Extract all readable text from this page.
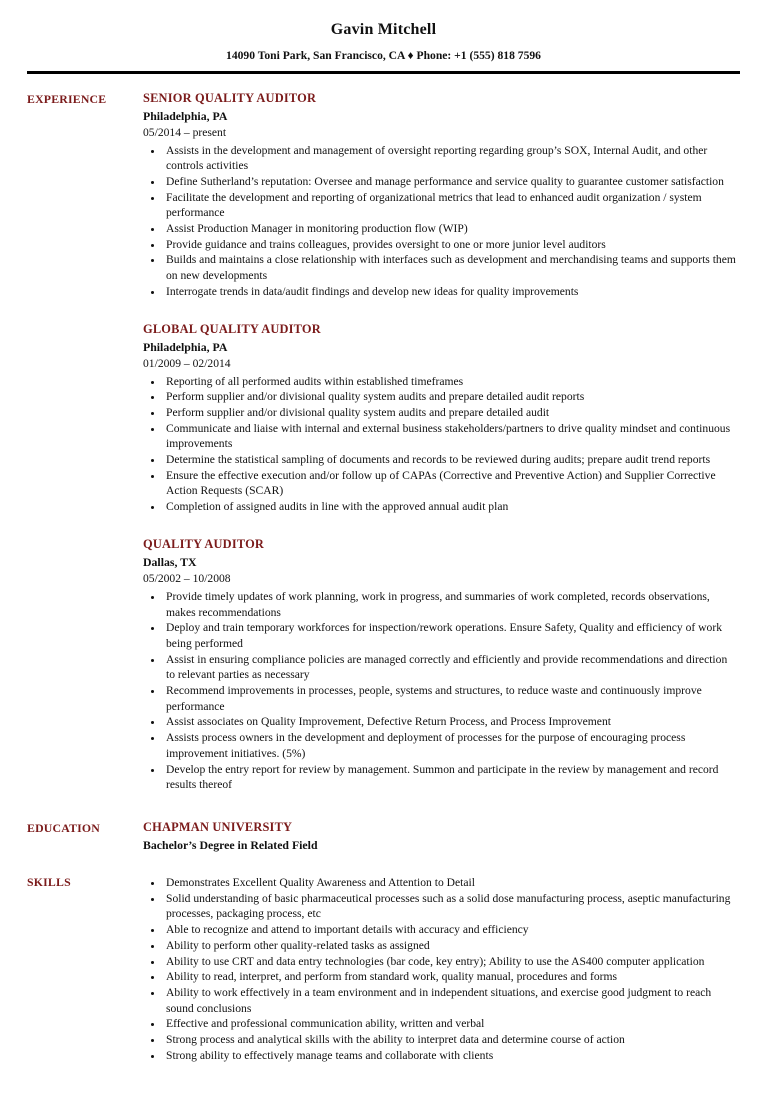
Gavin Mitchell
14090 Toni Park, San Francisco, CA ♦ Phone: +1 (555) 818 7596
EXPERIENCE	SENIOR QUALITY AUDITOR
Philadelphia, PA
05/2014 – present
• Assists in the development and management of oversight reporting regarding group’s SOX, Internal Audit, and other controls activities
• Define Sutherland’s reputation: Oversee and manage performance and service quality to guarantee customer satisfaction
• Facilitate the development and reporting of organizational metrics that lead to enhanced audit organization / system performance
• Assist Production Manager in monitoring production flow (WIP)
• Provide guidance and trains colleagues, provides oversight to one or more junior level auditors
• Builds and maintains a close relationship with interfaces such as development and merchandising teams and supports them on new developments
• Interrogate trends in data/audit findings and develop new ideas for quality improvements
GLOBAL QUALITY AUDITOR
Philadelphia, PA
01/2009 – 02/2014
• Reporting of all performed audits within established timeframes
• Perform supplier and/or divisional quality system audits and prepare detailed audit reports
• Perform supplier and/or divisional quality system audits and prepare detailed audit
• Communicate and liaise with internal and external business stakeholders/partners to drive quality mindset and continuous improvements
• Determine the statistical sampling of documents and records to be reviewed during audits; prepare audit trend reports
• Ensure the effective execution and/or follow up of CAPAs (Corrective and Preventive Action) and Supplier Corrective Action Requests (SCAR)
• Completion of assigned audits in line with the approved annual audit plan
QUALITY AUDITOR
Dallas, TX
05/2002 – 10/2008
• Provide timely updates of work planning, work in progress, and summaries of work completed, records observations, makes recommendations
• Deploy and train temporary workforces for inspection/rework operations. Ensure Safety, Quality and efficiency of work being performed
• Assist in ensuring compliance policies are managed correctly and efficiently and provide recommendations and direction to relevant parties as necessary
• Recommend improvements in processes, people, systems and structures, to reduce waste and continuously improve performance
• Assist associates on Quality Improvement, Defective Return Process, and Process Improvement
• Assists process owners in the development and deployment of processes for the purpose of encouraging process improvement initiatives. (5%)
• Develop the entry report for review by management. Summon and participate in the review by management and record results thereof
EDUCATION	CHAPMAN UNIVERSITY
Bachelor’s Degree in Related Field
SKILLS	• Demonstrates Excellent Quality Awareness and Attention to Detail
• Solid understanding of basic pharmaceutical processes such as a solid dose manufacturing process, aseptic manufacturing processes, packaging process, etc
• Able to recognize and attend to important details with accuracy and efficiency
• Ability to perform other quality-related tasks as assigned
• Ability to use CRT and data entry technologies (bar code, key entry); Ability to use the AS400 computer application
• Ability to read, interpret, and perform from standard work, quality manual, procedures and forms
• Ability to work effectively in a team environment and in independent situations, and exercise good judgment to reach sound conclusions
• Effective and professional communication ability, written and verbal
• Strong process and analytical skills with the ability to interpret data and determine course of action
• Strong ability to effectively manage teams and collaborate with clients
